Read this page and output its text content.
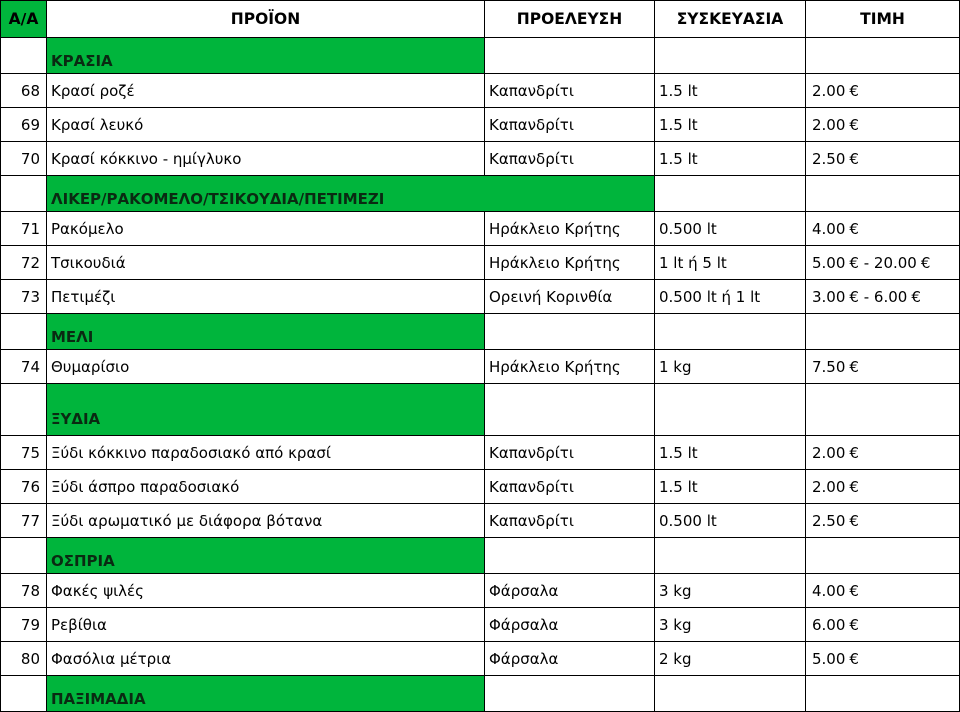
Α/Α	ΠΡΟΪΟΝ	ΠΡΟΕΛΕΥΣΗ	ΣΥΣΚΕΥΑΣΙΑ	ΤΙΜΗ
	ΚΡΑΣΙΑ			
68	Κρασί ροζέ	Καπανδρίτι	1.5 lt	2.00 €
69	Κρασί λευκό	Καπανδρίτι	1.5 lt	2.00 €
70	Κρασί κόκκινο - ημίγλυκο	Καπανδρίτι	1.5 lt	2.50 €
	ΛΙΚΕΡ/ΡΑΚΟΜΕΛΟ/ΤΣΙΚΟΥΔΙΑ/ΠΕΤΙΜΕΖΙ			
71	Ρακόμελο	Ηράκλειο Κρήτης	0.500 lt	4.00 €
72	Τσικουδιά	Ηράκλειο Κρήτης	1 lt ή 5 lt	5.00 € - 20.00 €
73	Πετιμέζι	Ορεινή Κορινθία	0.500 lt ή 1 lt	3.00 € - 6.00 €
	ΜΕΛΙ			
74	Θυμαρίσιο	Ηράκλειο Κρήτης	1 kg	7.50 €
	ΞΥΔΙΑ			
75	Ξύδι κόκκινο παραδοσιακό από κρασί	Καπανδρίτι	1.5 lt	2.00 €
76	Ξύδι άσπρο παραδοσιακό	Καπανδρίτι	1.5 lt	2.00 €
77	Ξύδι αρωματικό με διάφορα βότανα	Καπανδρίτι	0.500 lt	2.50 €
	ΟΣΠΡΙΑ			
78	Φακές ψιλές	Φάρσαλα	3 kg	4.00 €
79	Ρεβίθια	Φάρσαλα	3 kg	6.00 €
80	Φασόλια μέτρια	Φάρσαλα	2 kg	5.00 €
	ΠΑΞΙΜΑΔΙΑ			
